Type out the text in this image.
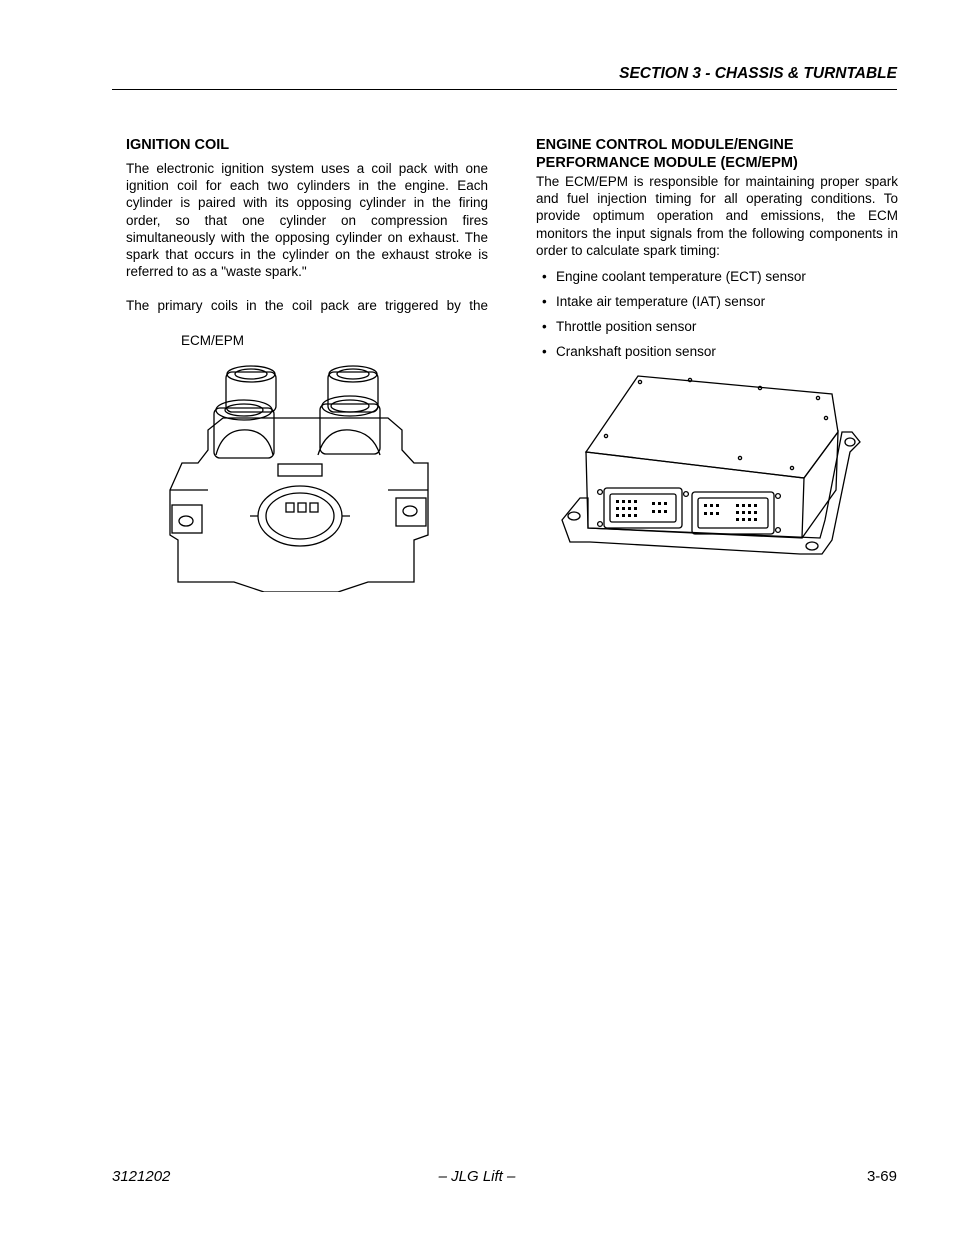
SECTION 3 - CHASSIS & TURNTABLE
IGNITION COIL

The electronic ignition system uses a coil pack with one ignition coil for each two cylinders in the engine. Each cylinder is paired with its opposing cylinder in the firing order, so that one cylinder on compression fires simultaneously with the opposing cylinder on exhaust. The spark that occurs in the cylinder on the exhaust stroke is referred to as a "waste spark."

The primary coils in the coil pack are triggered by the

ECM/EPM
ENGINE CONTROL MODULE/ENGINE PERFORMANCE MODULE (ECM/EPM)

The ECM/EPM is responsible for maintaining proper spark and fuel injection timing for all operating conditions. To provide optimum operation and emissions, the ECM monitors the input signals from the following components in order to calculate spark timing:

• Engine coolant temperature (ECT) sensor
• Intake air temperature (IAT) sensor
• Throttle position sensor
• Crankshaft position sensor
3121202	– JLG Lift –	3-69
